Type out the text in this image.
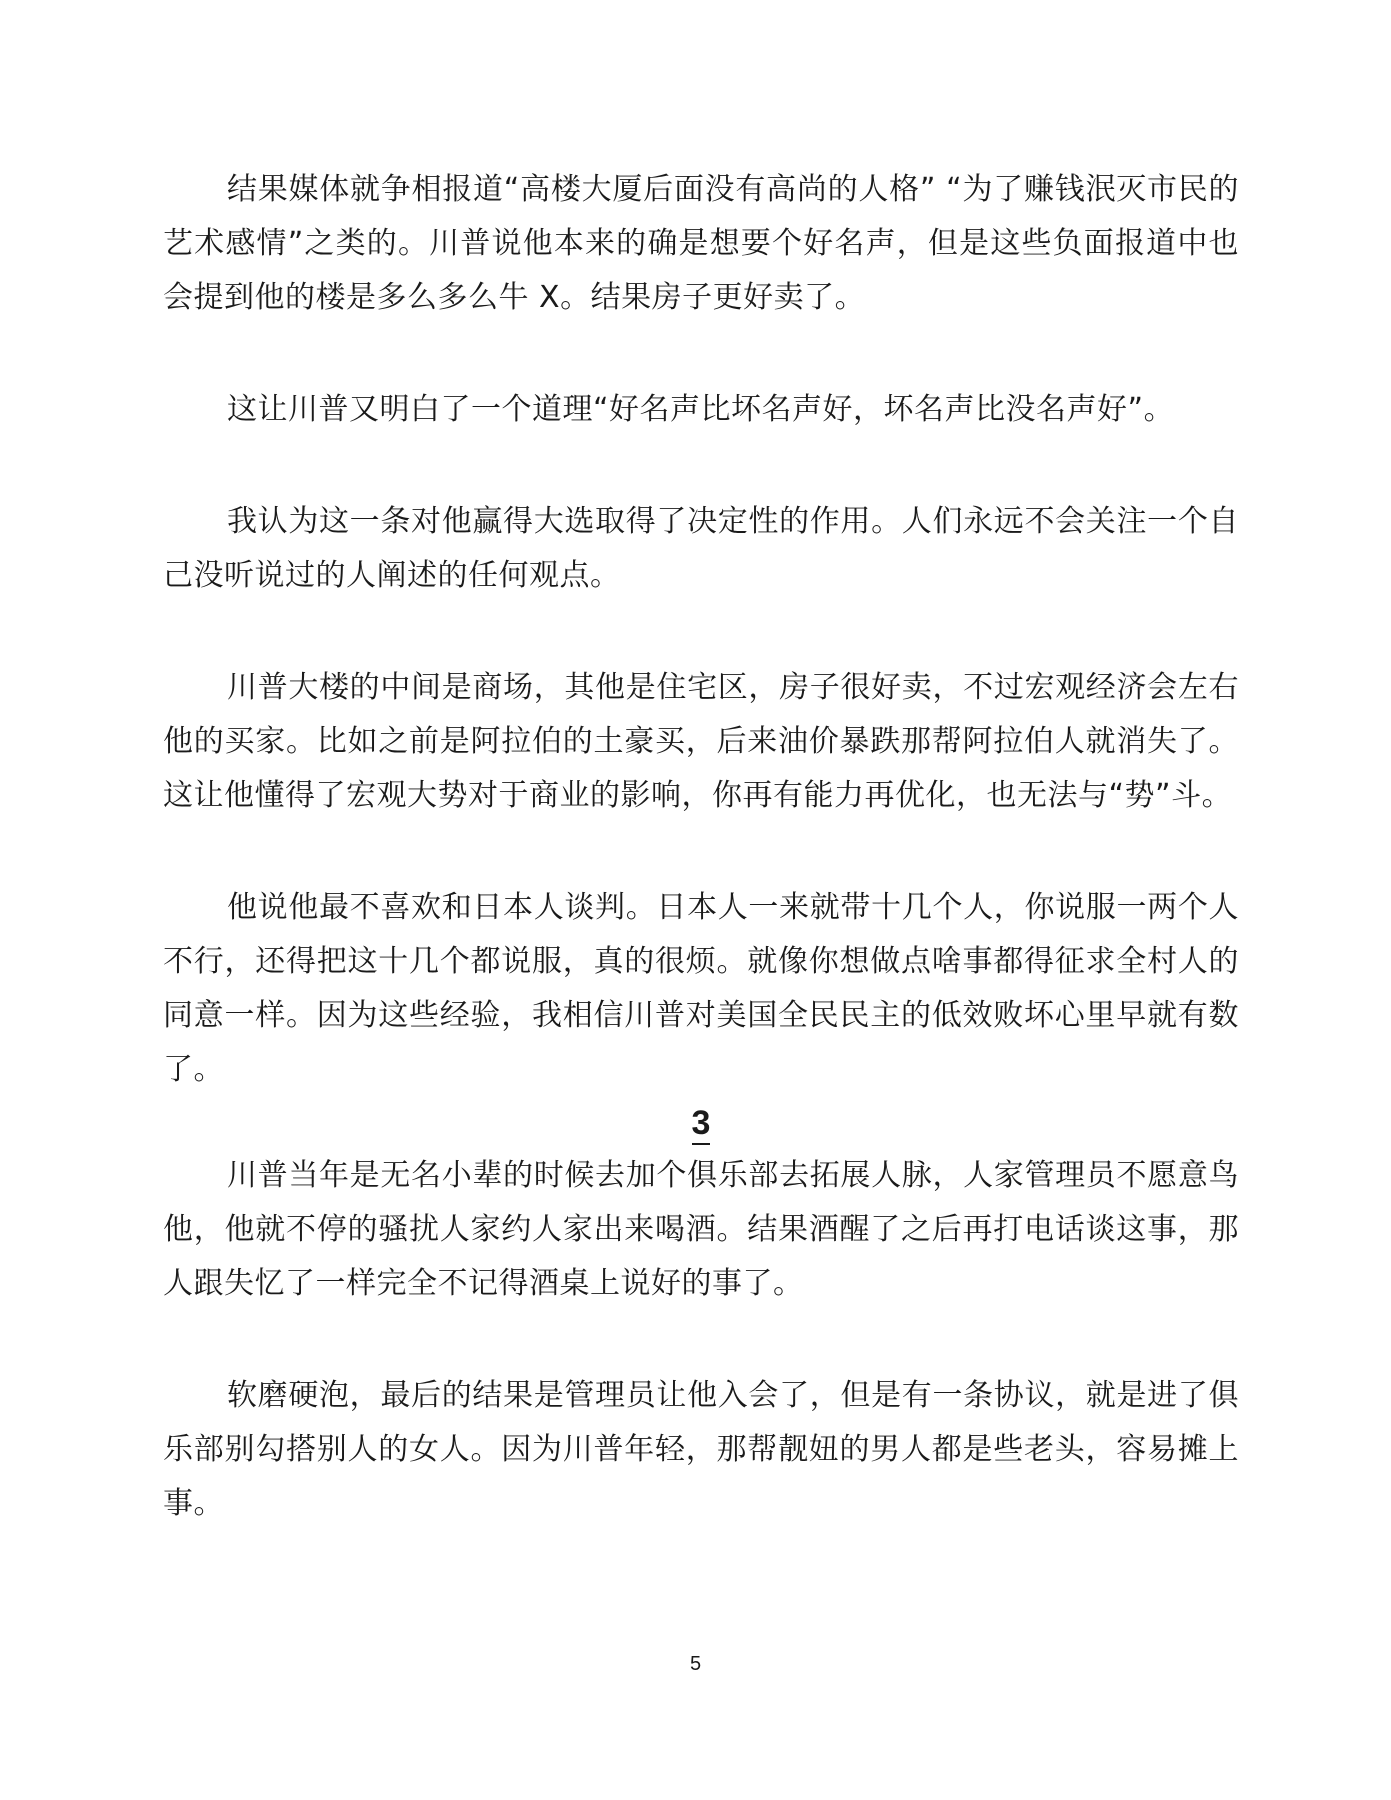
结果媒体就争相报道“高楼大厦后面没有高尚的人格” “为了赚钱泯灭市民的艺术感情”之类的。川普说他本来的确是想要个好名声，但是这些负面报道中也会提到他的楼是多么多么牛 X。结果房子更好卖了。

这让川普又明白了一个道理“好名声比坏名声好，坏名声比没名声好”。

我认为这一条对他赢得大选取得了决定性的作用。人们永远不会关注一个自己没听说过的人阐述的任何观点。

川普大楼的中间是商场，其他是住宅区，房子很好卖，不过宏观经济会左右他的买家。比如之前是阿拉伯的土豪买，后来油价暴跌那帮阿拉伯人就消失了。这让他懂得了宏观大势对于商业的影响，你再有能力再优化，也无法与“势”斗。

他说他最不喜欢和日本人谈判。日本人一来就带十几个人，你说服一两个人不行，还得把这十几个都说服，真的很烦。就像你想做点啥事都得征求全村人的同意一样。因为这些经验，我相信川普对美国全民民主的低效败坏心里早就有数了。

3

川普当年是无名小辈的时候去加个俱乐部去拓展人脉，人家管理员不愿意鸟他，他就不停的骚扰人家约人家出来喝酒。结果酒醒了之后再打电话谈这事，那人跟失忆了一样完全不记得酒桌上说好的事了。

软磨硬泡，最后的结果是管理员让他入会了，但是有一条协议，就是进了俱乐部别勾搭别人的女人。因为川普年轻，那帮靓妞的男人都是些老头，容易摊上事。

5
